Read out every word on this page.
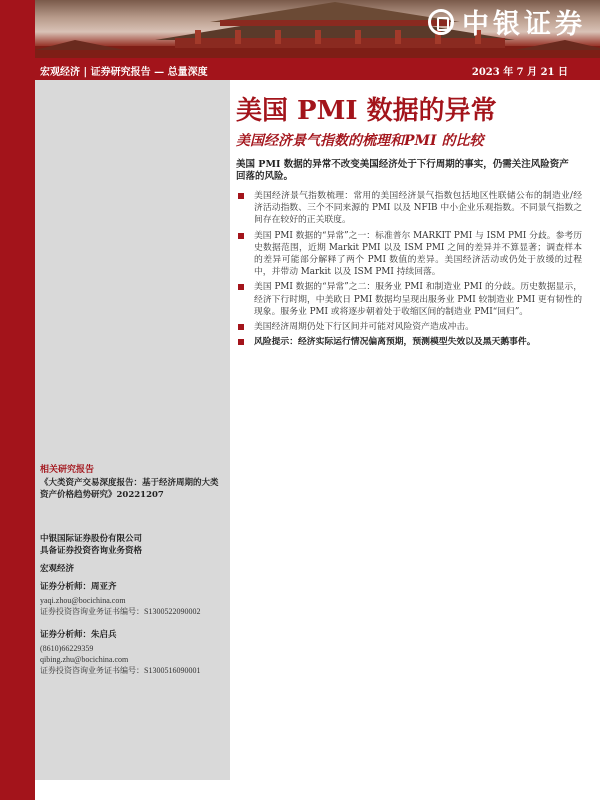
中银证券
宏观经济 | 证券研究报告 — 总量深度	2023 年 7 月 21 日
美国 PMI 数据的异常
美国经济景气指数的梳理和PMI 的比较

美国 PMI 数据的异常不改变美国经济处于下行周期的事实，仍需关注风险资产回落的风险。

美国经济景气指数梳理：常用的美国经济景气指数包括地区性联储公布的制造业/经济活动指数、三个不同来源的 PMI 以及 NFIB 中小企业乐观指数。不同景气指数之间存在较好的正关联度。
美国 PMI 数据的“异常”之一：标准普尔 MARKIT PMI 与 ISM PMI 分歧。参考历史数据范围，近期 Markit PMI 以及 ISM PMI 之间的差异并不算显著；调查样本的差异可能部分解释了两个 PMI 数值的差异。美国经济活动或仍处于放缓的过程中，并带动 Markit 以及 ISM PMI 持续回落。
美国 PMI 数据的“异常”之二：服务业 PMI 和制造业 PMI 的分歧。历史数据显示，经济下行时期，中美欧日 PMI 数据均呈现出服务业 PMI 较制造业 PMI 更有韧性的现象。服务业 PMI 或将逐步朝着处于收缩区间的制造业 PMI“回归”。
美国经济周期仍处下行区间并可能对风险资产造成冲击。
风险提示：经济实际运行情况偏离预期，预测模型失效以及黑天鹅事件。
相关研究报告
《大类资产交易深度报告：基于经济周期的大类资产价格趋势研究》20221207
中银国际证券股份有限公司
具备证券投资咨询业务资格
宏观经济
证券分析师：周亚齐
yaqi.zhou@bocichina.com
证券投资咨询业务证书编号：S1300522090002
证券分析师：朱启兵
(8610)66229359
qibing.zhu@bocichina.com
证券投资咨询业务证书编号：S1300516090001
